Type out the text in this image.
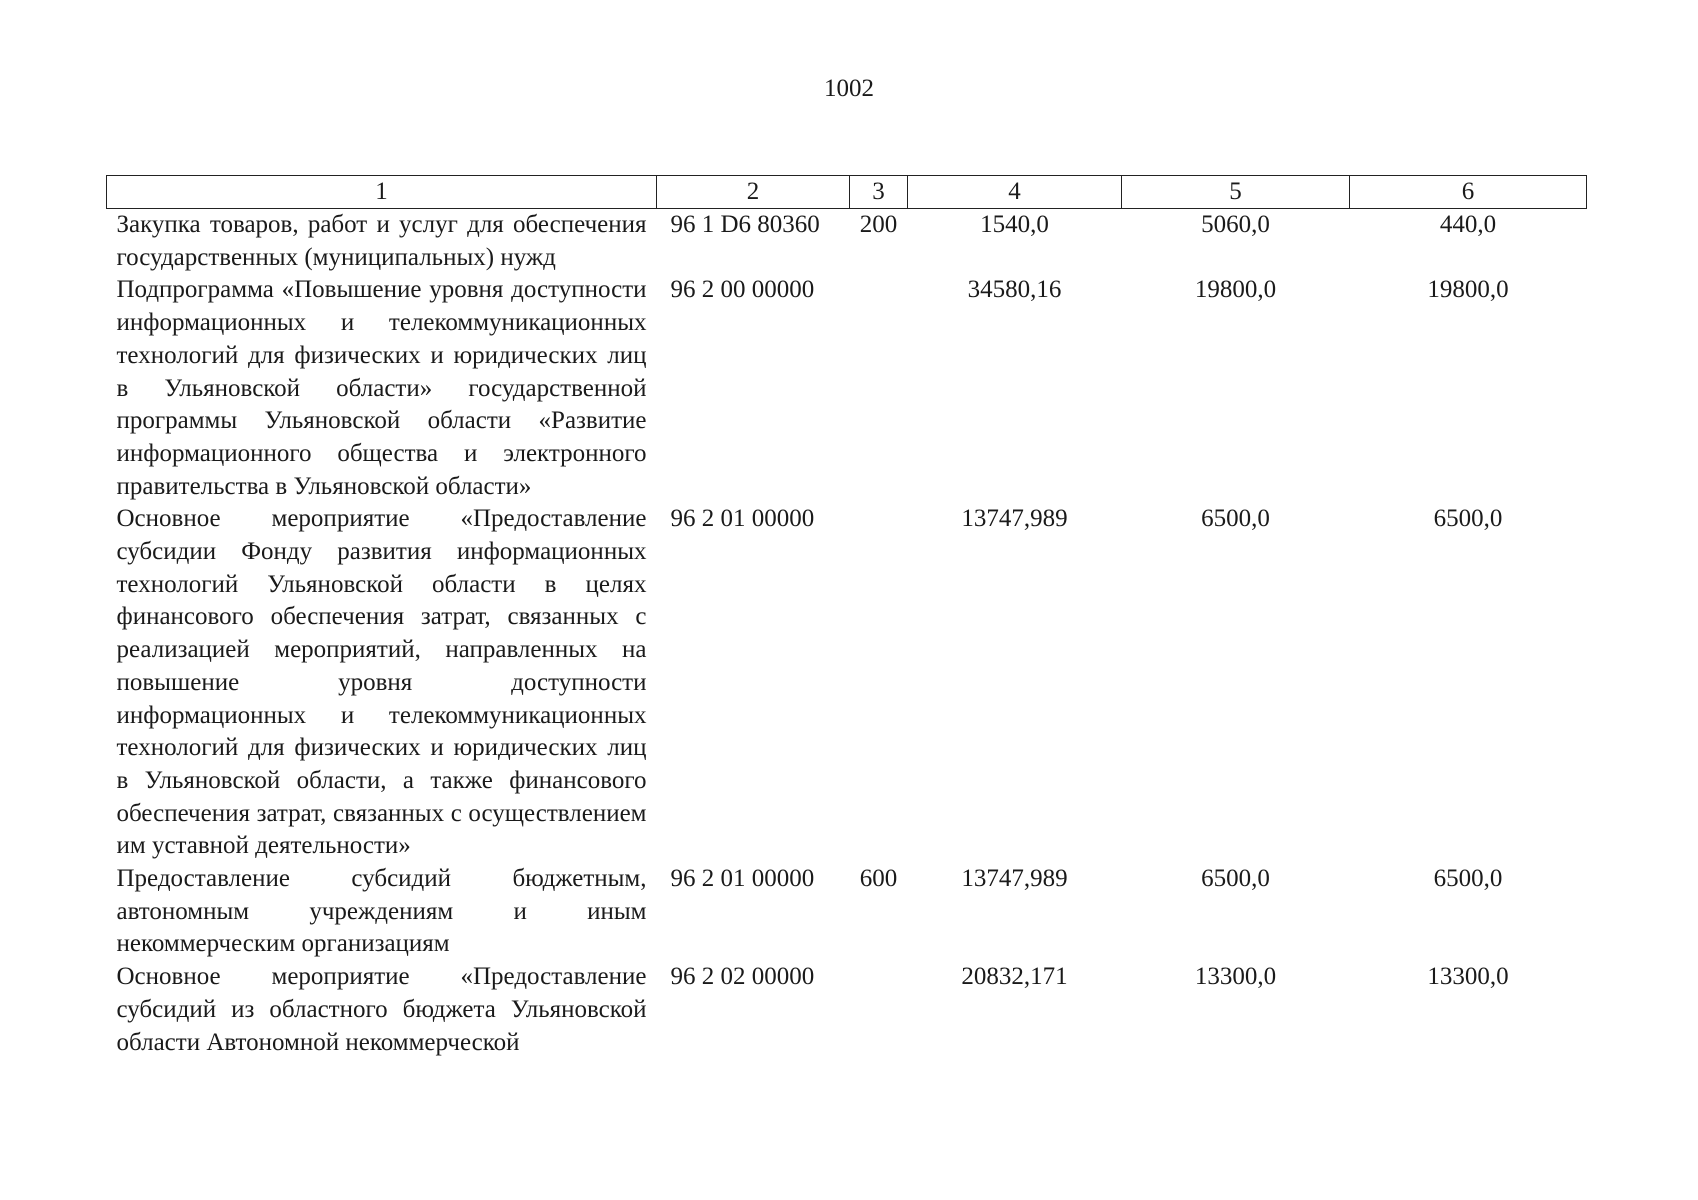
1002
1	2	3	4	5	6
Закупка товаров, работ и услуг для обеспечения государственных (муниципальных) нужд	96 1 D6 80360	200	1540,0	5060,0	440,0
Подпрограмма «Повышение уровня доступности информационных и телекоммуникационных технологий для физических и юридических лиц в Ульяновской области» государственной программы Ульяновской области «Развитие информационного общества и электронного правительства в Ульяновской области»	96 2 00 00000		34580,16	19800,0	19800,0
Основное мероприятие «Предоставление субсидии Фонду развития информационных технологий Ульяновской области в целях финансового обеспечения затрат, связанных с реализацией мероприятий, направленных на повышение уровня доступности информационных и телекоммуникационных технологий для физических и юридических лиц в Ульяновской области, а также финансового обеспечения затрат, связанных с осуществлением им уставной деятельности»	96 2 01 00000		13747,989	6500,0	6500,0
Предоставление субсидий бюджетным, автономным учреждениям и иным некоммерческим организациям	96 2 01 00000	600	13747,989	6500,0	6500,0
Основное мероприятие «Предоставление субсидий из областного бюджета Ульяновской области Автономной некоммерческой	96 2 02 00000		20832,171	13300,0	13300,0
